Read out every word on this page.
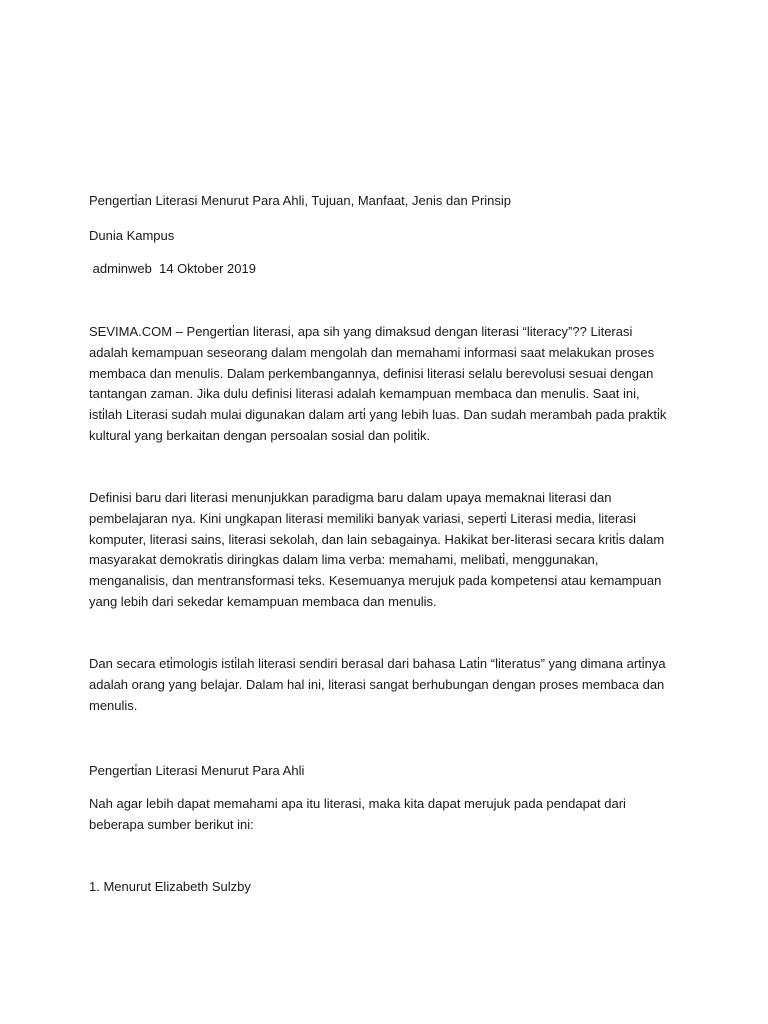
Pengerti̇an Literasi Menurut Para Ahli, Tujuan, Manfaat, Jenis dan Prinsip

Dunia Kampus

adminweb  14 Oktober 2019

SEVIMA.COM – Pengerti̇an literasi, apa sih yang dimaksud dengan literasi “literacy”?? Literasi adalah kemampuan seseorang dalam mengolah dan memahami informasi saat melakukan proses membaca dan menulis. Dalam perkembangannya, definisi literasi selalu berevolusi sesuai dengan tantangan zaman. Jika dulu definisi literasi adalah kemampuan membaca dan menulis. Saat ini, isti̇lah Literasi sudah mulai digunakan dalam arti̇ yang lebih luas. Dan sudah merambah pada prakti̇k kultural yang berkaitan dengan persoalan sosial dan politi̇k.

Definisi baru dari literasi menunjukkan paradigma baru dalam upaya memaknai literasi dan pembelajaran nya. Kini ungkapan literasi memiliki banyak variasi, seperti̇ Literasi media, literasi komputer, literasi sains, literasi sekolah, dan lain sebagainya. Hakikat ber-literasi secara kriti̇s dalam masyarakat demokrati̇s diringkas dalam lima verba: memahami, melibati̇, menggunakan, menganalisis, dan mentransformasi teks. Kesemuanya merujuk pada kompetensi atau kemampuan yang lebih dari sekedar kemampuan membaca dan menulis.

Dan secara eti̇mologis isti̇lah literasi sendiri berasal dari bahasa Lati̇n “literatus” yang dimana arti̇nya adalah orang yang belajar. Dalam hal ini, literasi sangat berhubungan dengan proses membaca dan menulis.

Pengerti̇an Literasi Menurut Para Ahli

Nah agar lebih dapat memahami apa itu literasi, maka kita dapat merujuk pada pendapat dari beberapa sumber berikut ini:

1. Menurut Elizabeth Sulzby
